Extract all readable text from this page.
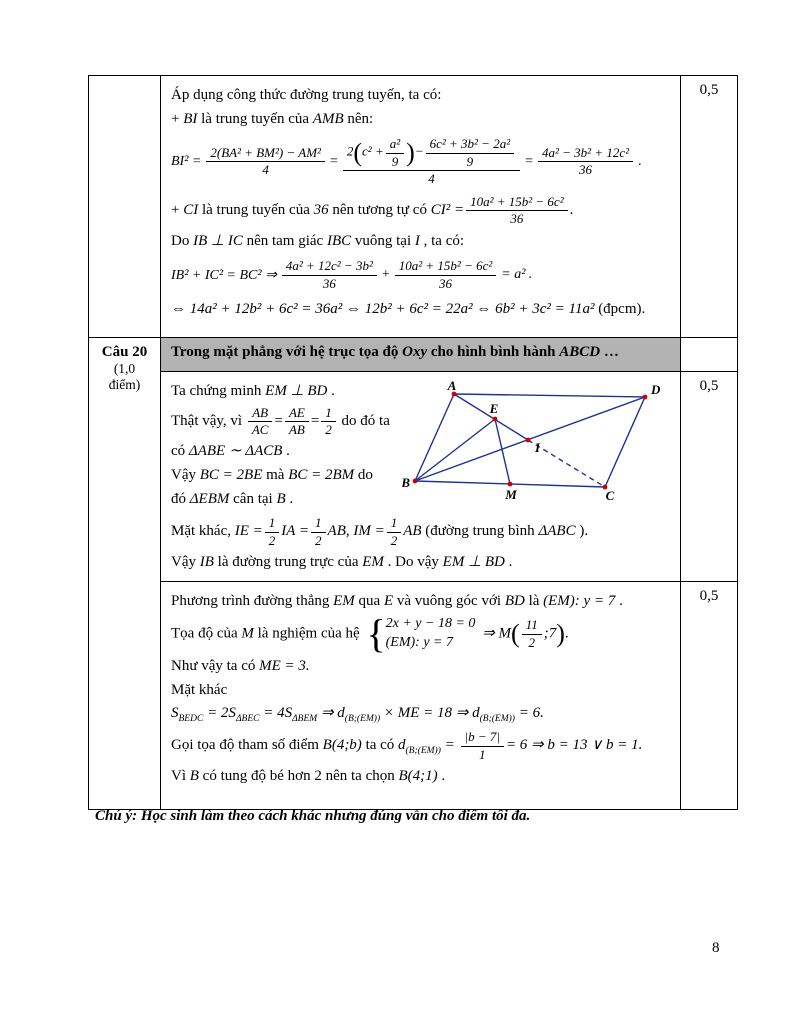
Áp dụng công thức đường trung tuyến, ta có:
+ BI là trung tuyến của AMB nên:
$BI^2 = \frac{\text{2(BA² + BM²) − AM²}}{4} = \frac{2(c^2 + \frac{\text{a²}}{9} )- \frac{\text{6c² + 3b² − 2a²}}{9}}{4} = \frac{\text{4a² − 3b² + 12c²}}{36}$ .
+ CI là trung tuyến của 36 nên tương tự có $CI^2 = \frac{\text{10a² + 15b² − 6c²}}{36}$ .
Do IB ⊥ IC nên tam giác IBC vuông tại I , ta có:
IB² + IC² = BC² ⇒ $\frac{\text{4a² + 12c² − 3b²}}{36} + \frac{\text{10a² + 15b² − 6c²}}{36} = a^2$ .
⇔ 14a² + 12b² + 6c² = 36a² ⇔ 12b² + 6c² = 22a² ⇔ 6b² + 3c² = 11a² (đpcm).
	0,5

Câu 20
(1,0 điểm)	Trong mặt phẳng với hệ trục tọa độ Oxy cho hình bình hành ABCD …	

Ta chứng minh EM ⊥ BD .
Thật vậy, vì $\frac{AB}{AC} = \frac{AE}{AB} = \frac{1}{2}$ do đó ta
có ΔABE ∼ ΔACB .
Vậy BC = 2BE mà BC = 2BM do
đó ΔEBM cân tại B .
A	D
B
C
E
I
M
Mặt khác, IE = $\frac{1}{2}$ IA = $\frac{1}{2}$ AB, IM = $\frac{1}{2}$ AB (đường trung bình ΔABC ).
Vậy IB là đường trung trực của EM . Do vậy EM ⊥ BD .
	0,5

Phương trình đường thẳng EM qua E và vuông góc với BD là (EM): y = 7 .
Tọa độ của M là nghiệm của hệ { 2x + y − 18 = 0
(EM): y = 7
⇒ $M( \frac{11}{2}$ ;7).
Như vậy ta có ME = 3.
Mặt khác
$S_{BEDC} = 2S_{\Delta BEC} = 4S_{\Delta BEM}$ ⇒ $d_{(B;(EM))}$ × ME = 18 ⇒ $d_{(B;(EM))} = 6$.
Gọi tọa độ tham số điểm B(4;b) ta có $d_{(B;(EM))} = \frac{|b - 7|}{1} = 6$ ⇒ b = 13 ∨ b = 1.
Vì B có tung độ bé hơn 2 nên ta chọn B(4;1) .
	0,5
Chú ý: Học sinh làm theo cách khác nhưng đúng vẫn cho điểm tối đa.
8
